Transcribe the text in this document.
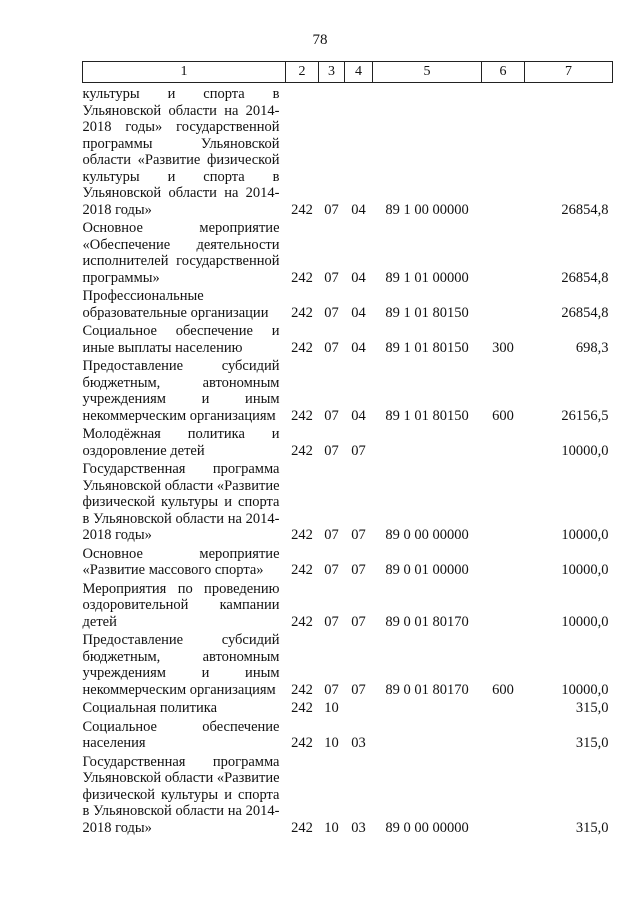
78
1	2	3	4	5	6	7
культуры и спорта в Ульяновской области на 2014-2018 годы» государственной программы Ульяновской области «Развитие физической культуры и спорта в Ульяновской области на 2014-2018 годы»	242	07	04	89 1 00 00000		26854,8
Основное мероприятие «Обеспечение деятельности исполнителей государственной программы»	242	07	04	89 1 01 00000		26854,8
Профессиональные образовательные организации	242	07	04	89 1 01 80150		26854,8
Социальное обеспечение и иные выплаты населению	242	07	04	89 1 01 80150	300	698,3
Предоставление субсидий бюджетным, автономным учреждениям и иным некоммерческим организациям	242	07	04	89 1 01 80150	600	26156,5
Молодёжная политика и оздоровление детей	242	07	07			10000,0
Государственная программа Ульяновской области «Развитие физической культуры и спорта в Ульяновской области на 2014-2018 годы»	242	07	07	89 0 00 00000		10000,0
Основное мероприятие «Развитие массового спорта»	242	07	07	89 0 01 00000		10000,0
Мероприятия по проведению оздоровительной кампании детей	242	07	07	89 0 01 80170		10000,0
Предоставление субсидий бюджетным, автономным учреждениям и иным некоммерческим организациям	242	07	07	89 0 01 80170	600	10000,0
Социальная политика	242	10				315,0
Социальное обеспечение населения	242	10	03			315,0
Государственная программа Ульяновской области «Развитие физической культуры и спорта в Ульяновской области на 2014-2018 годы»	242	10	03	89 0 00 00000		315,0
